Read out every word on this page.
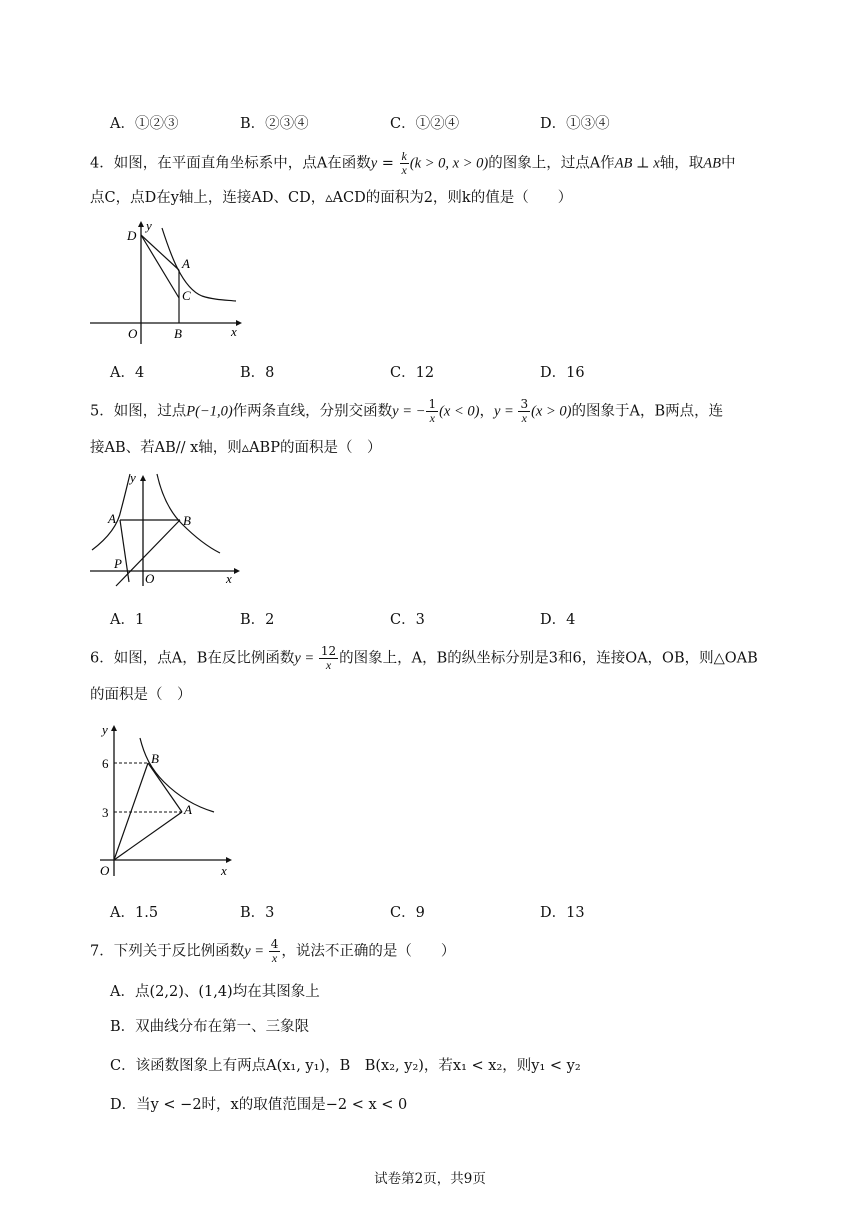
A．①②③	B．②③④	C．①②④	D．①③④
4．如图，在平面直角坐标系中，点A在函数$y = \frac{k}{x} (k > 0$, x > 0)的图象上，过点A作AB ⊥ x轴，取AB中
点C，点D在y轴上，连接AD、CD，▵ACD的面积为2，则k的值是（　　）
D
y
A
C
O	B	x
A．4	B．8	C．12	D．16
5．如图，过点P(−1,0)作两条直线，分别交函数y = − $\frac{1}{x} (x < 0)$，$y = \frac{3}{x} (x > 0)$的图象于A，B两点，连
接AB、若AB// x轴，则▵ABP的面积是（　）
y
A	B
P
O	x
A．1	B．2	C．3	D．4
6．如图，点A，B在反比例函数$y = \frac{12}{x}$ 的图象上，A，B的纵坐标分别是3和6，连接OA，OB，则△OAB
的面积是（　）
y
6
3
B
A
O	x
A．1.5	B．3	C．9	D．13
7．下列关于反比例函数$y = \frac{4}{x}$ ，说法不正确的是（　　）
A．点(2,2)、(1,4)均在其图象上
B．双曲线分布在第一、三象限
C．该函数图象上有两点A(x₁, y₁)，B　B(x₂, y₂)，若x₁ < x₂，则y₁ < y₂
D．当y < −2时，x的取值范围是−2 < x < 0
试卷第2页，共9页
